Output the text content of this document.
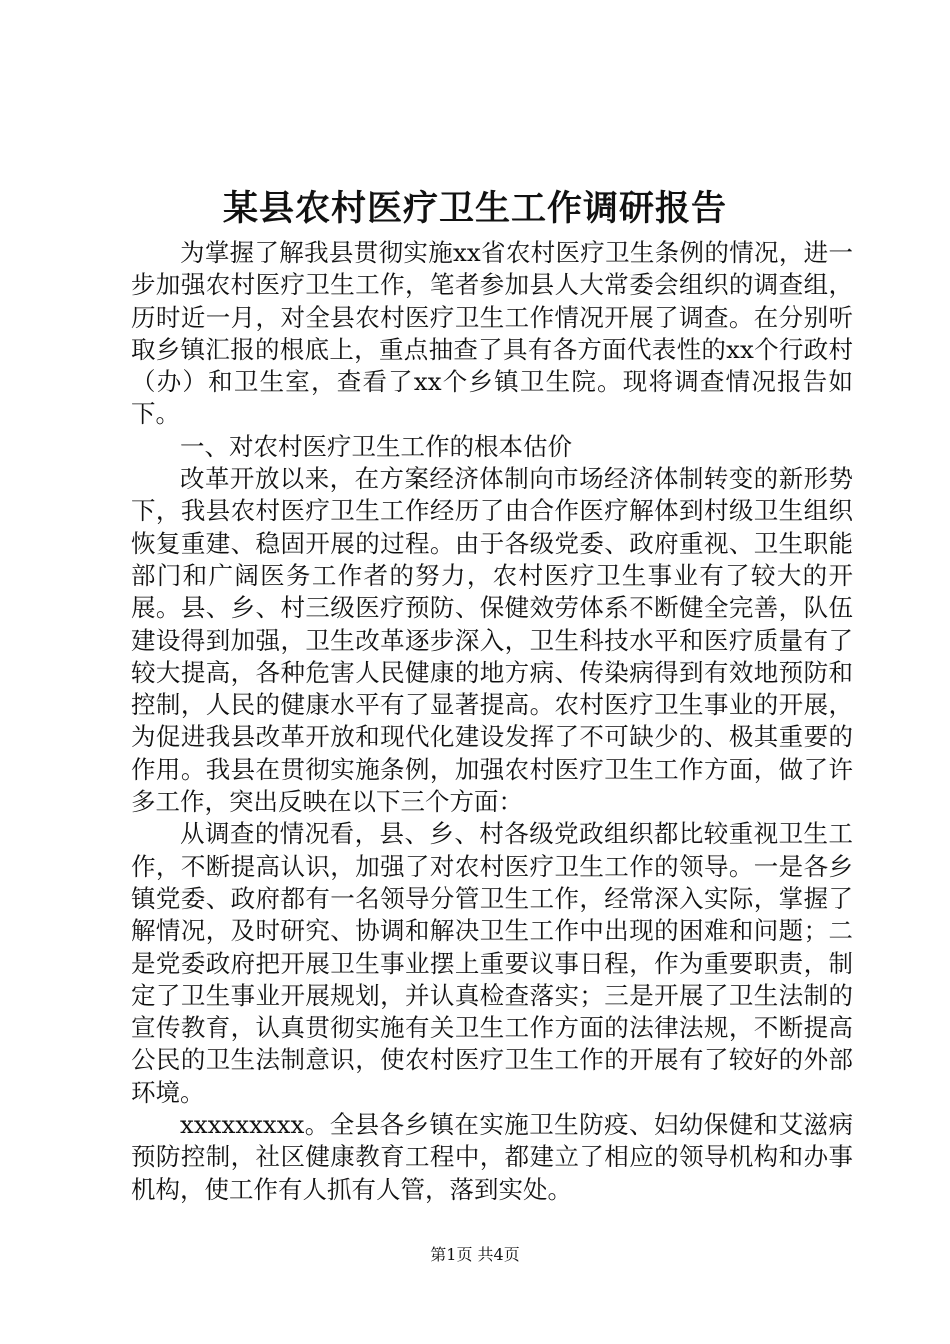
某县农村医疗卫生工作调研报告

为掌握了解我县贯彻实施xx省农村医疗卫生条例的情况，进一步加强农村医疗卫生工作，笔者参加县人大常委会组织的调查组，历时近一月，对全县农村医疗卫生工作情况开展了调查。在分别听取乡镇汇报的根底上，重点抽查了具有各方面代表性的xx个行政村（办）和卫生室，查看了xx个乡镇卫生院。现将调查情况报告如下。

一、对农村医疗卫生工作的根本估价

改革开放以来，在方案经济体制向市场经济体制转变的新形势下，我县农村医疗卫生工作经历了由合作医疗解体到村级卫生组织恢复重建、稳固开展的过程。由于各级党委、政府重视、卫生职能部门和广阔医务工作者的努力，农村医疗卫生事业有了较大的开展。县、乡、村三级医疗预防、保健效劳体系不断健全完善，队伍建设得到加强，卫生改革逐步深入，卫生科技水平和医疗质量有了较大提高，各种危害人民健康的地方病、传染病得到有效地预防和控制，人民的健康水平有了显著提高。农村医疗卫生事业的开展，为促进我县改革开放和现代化建设发挥了不可缺少的、极其重要的作用。我县在贯彻实施条例，加强农村医疗卫生工作方面，做了许多工作，突出反映在以下三个方面：

从调查的情况看，县、乡、村各级党政组织都比较重视卫生工作，不断提高认识，加强了对农村医疗卫生工作的领导。一是各乡镇党委、政府都有一名领导分管卫生工作，经常深入实际，掌握了解情况，及时研究、协调和解决卫生工作中出现的困难和问题；二是党委政府把开展卫生事业摆上重要议事日程，作为重要职责，制定了卫生事业开展规划，并认真检查落实；三是开展了卫生法制的宣传教育，认真贯彻实施有关卫生工作方面的法律法规，不断提高公民的卫生法制意识，使农村医疗卫生工作的开展有了较好的外部环境。

xxxxxxxxx。全县各乡镇在实施卫生防疫、妇幼保健和艾滋病预防控制，社区健康教育工程中，都建立了相应的领导机构和办事机构，使工作有人抓有人管，落到实处。

第1页 共4页
